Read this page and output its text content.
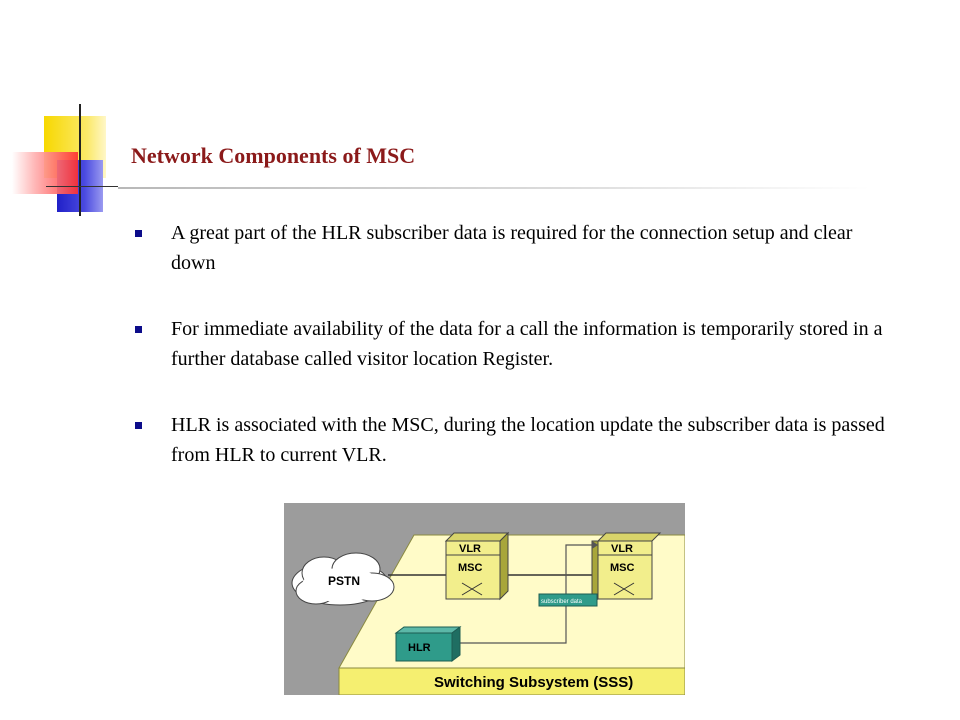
Network Components of MSC
A great part of the HLR subscriber data is required for the connection setup and clear down
For immediate availability of the data for a call the information is temporarily stored in a further database called visitor location Register.
HLR is associated with the MSC, during the location update the subscriber data is passed from HLR to current VLR.
Switching Subsystem (SSS)
PSTN
VLR
MSC
VLR
MSC
subscriber data
HLR
